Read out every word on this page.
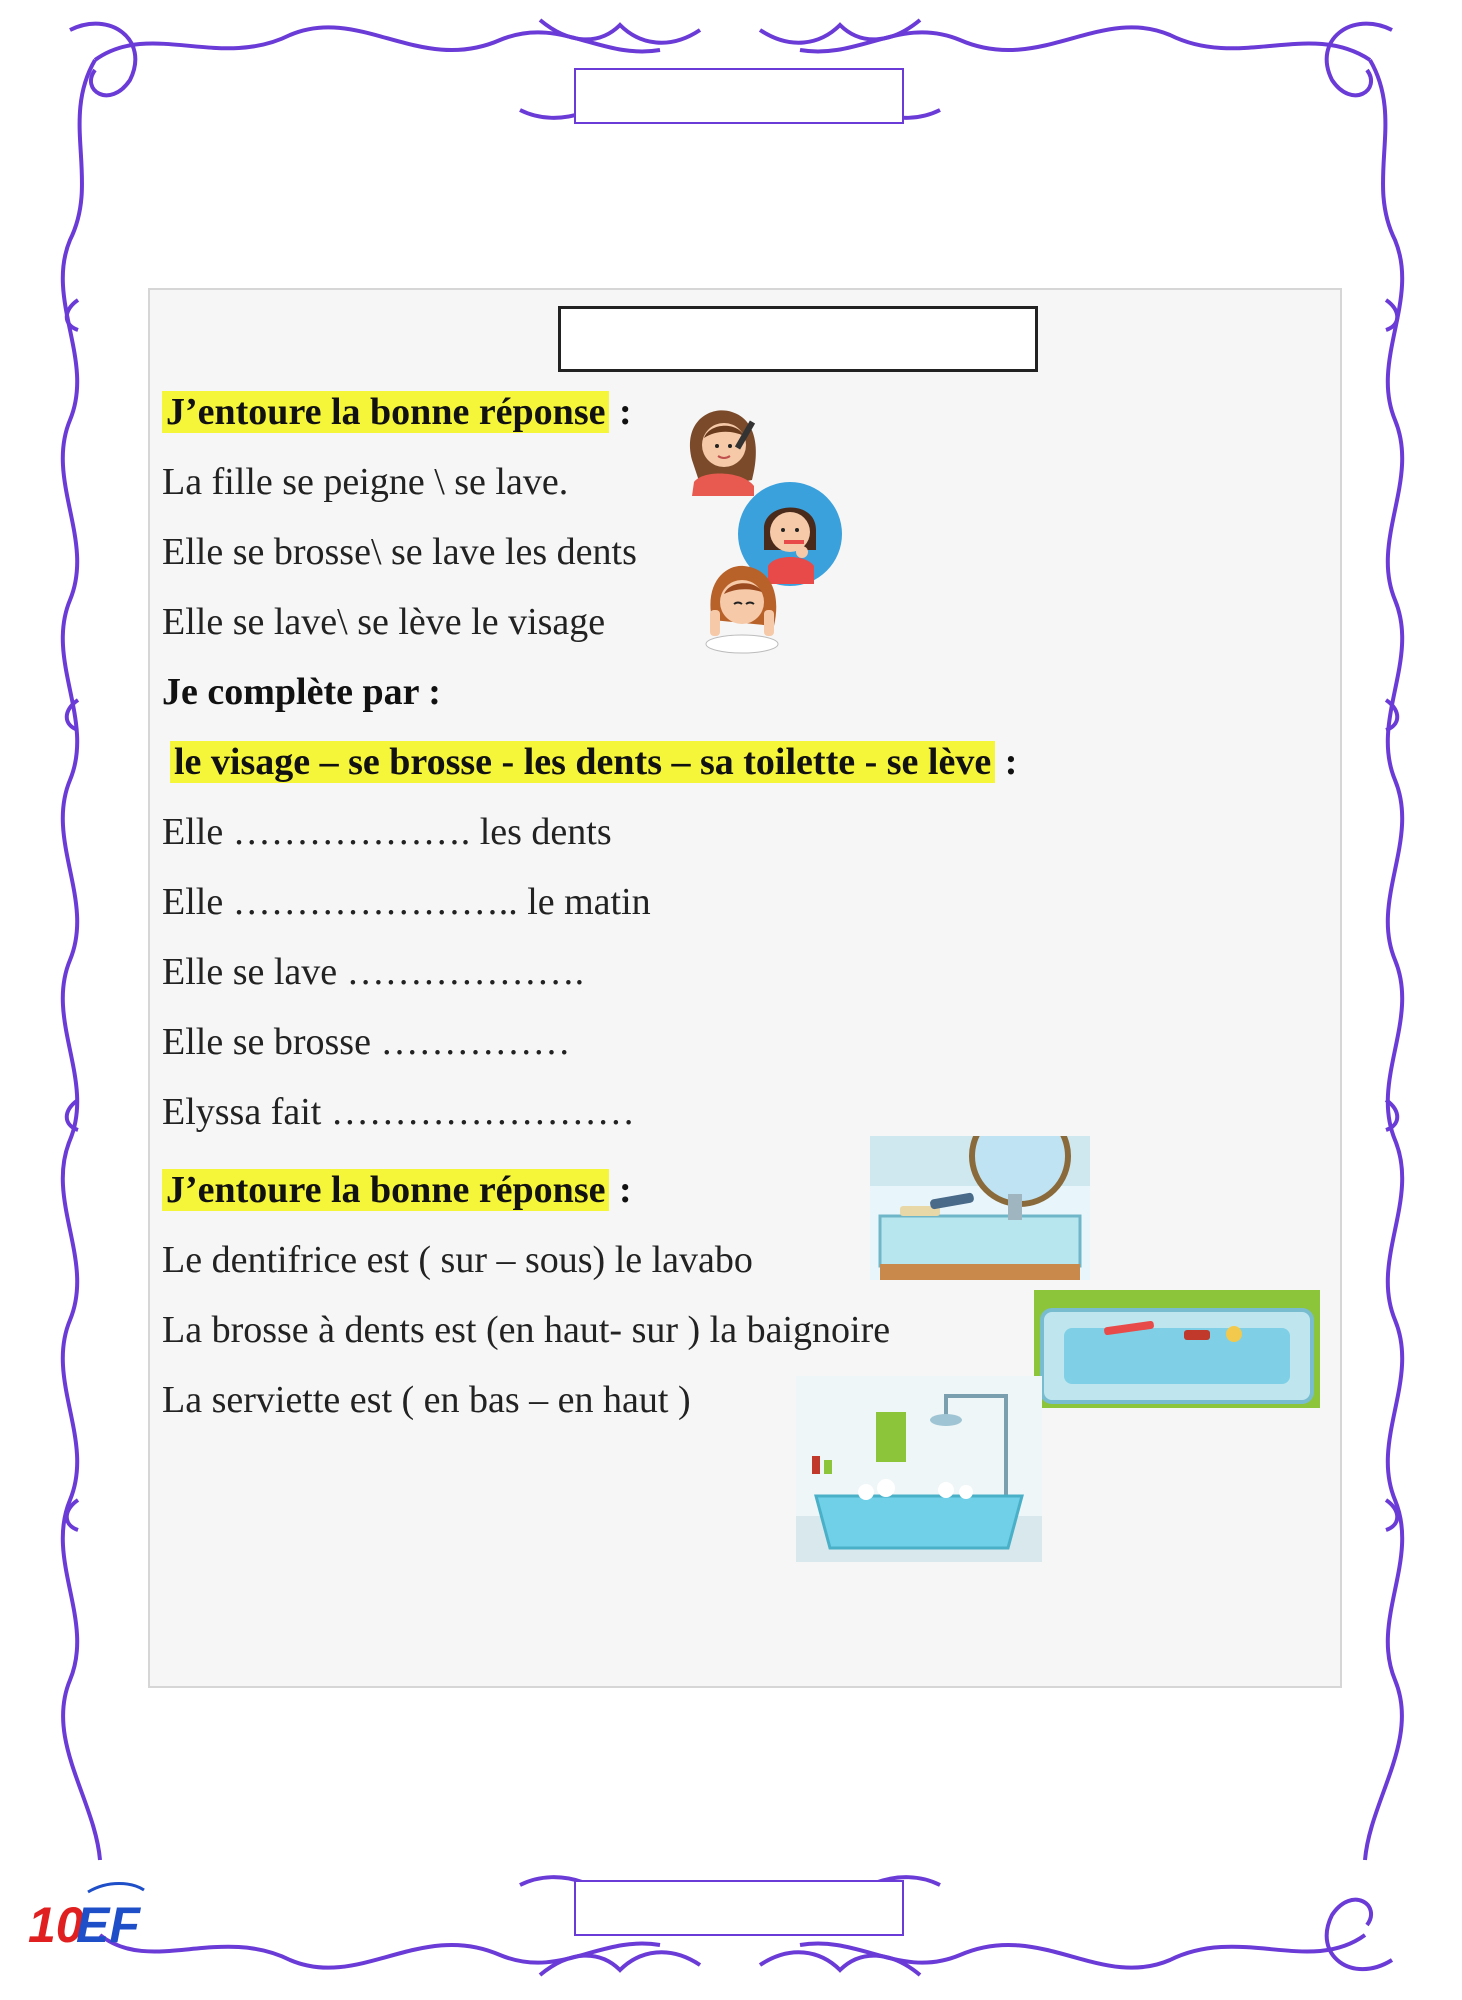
J’entoure la bonne réponse :
La fille se peigne \ se lave.
Elle se brosse\ se lave les dents
Elle se lave\ se lève le visage
Je complète par :
le visage – se brosse - les dents – sa toilette - se lève :
Elle ………………. les dents
Elle ………………….. le matin
Elle se lave ……………….
Elle se brosse ……………
Elyssa fait ……………………
J’entoure la bonne réponse :
Le dentifrice est ( sur – sous) le lavabo
La brosse à dents est (en haut- sur ) la baignoire
La serviette est ( en bas – en haut )
10
EF
